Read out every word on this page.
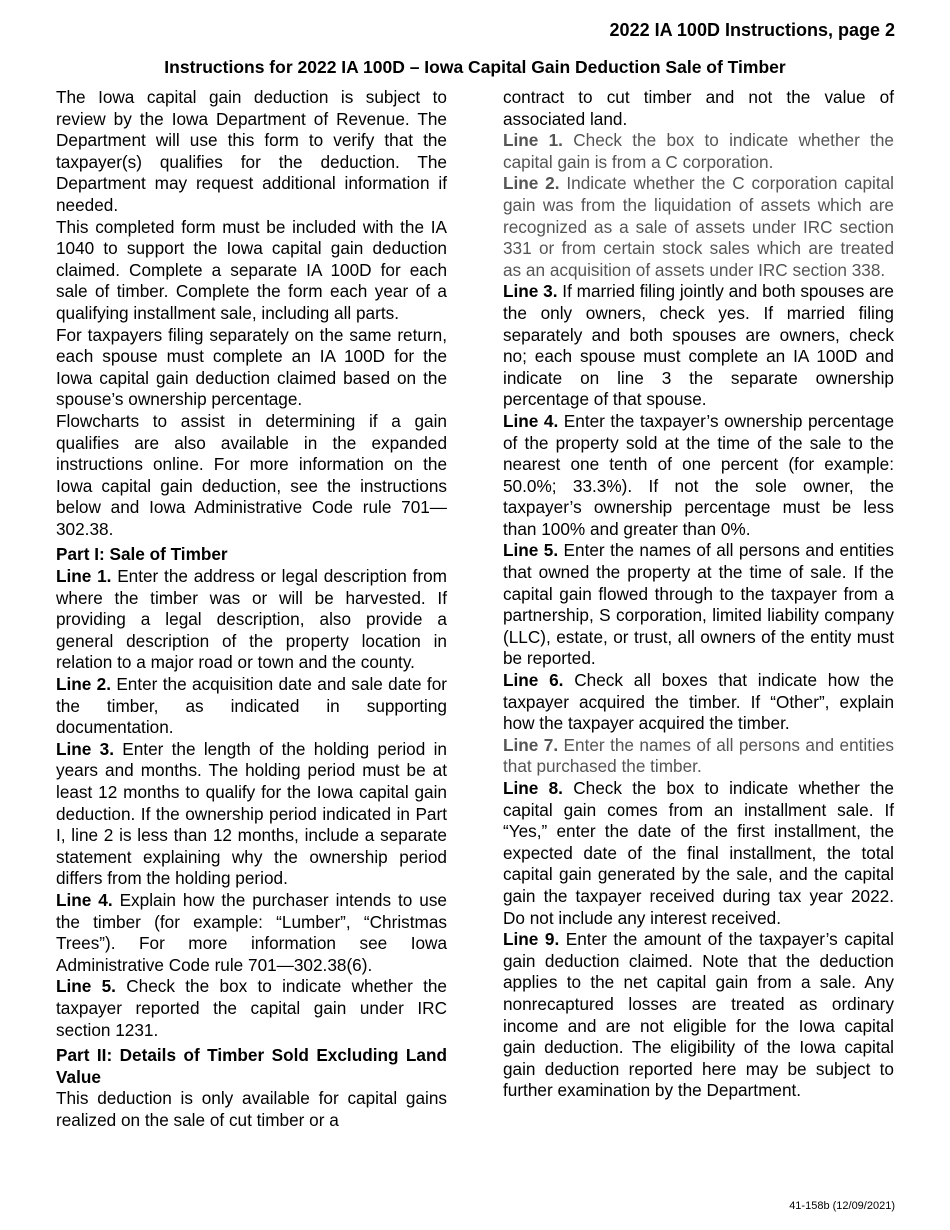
2022 IA 100D Instructions, page 2
Instructions for 2022 IA 100D – Iowa Capital Gain Deduction Sale of Timber

The Iowa capital gain deduction is subject to review by the Iowa Department of Revenue. The Department will use this form to verify that the taxpayer(s) qualifies for the deduction. The Department may request additional information if needed.

This completed form must be included with the IA 1040 to support the Iowa capital gain deduction claimed. Complete a separate IA 100D for each sale of timber. Complete the form each year of a qualifying installment sale, including all parts.

For taxpayers filing separately on the same return, each spouse must complete an IA 100D for the Iowa capital gain deduction claimed based on the spouse’s ownership percentage.

Flowcharts to assist in determining if a gain qualifies are also available in the expanded instructions online. For more information on the Iowa capital gain deduction, see the instructions below and Iowa Administrative Code rule 701—302.38.

Part I: Sale of Timber

Line 1. Enter the address or legal description from where the timber was or will be harvested. If providing a legal description, also provide a general description of the property location in relation to a major road or town and the county.

Line 2. Enter the acquisition date and sale date for the timber, as indicated in supporting documentation.

Line 3. Enter the length of the holding period in years and months. The holding period must be at least 12 months to qualify for the Iowa capital gain deduction. If the ownership period indicated in Part I, line 2 is less than 12 months, include a separate statement explaining why the ownership period differs from the holding period.

Line 4. Explain how the purchaser intends to use the timber (for example: “Lumber”, “Christmas Trees”). For more information see Iowa Administrative Code rule 701—302.38(6).

Line 5. Check the box to indicate whether the taxpayer reported the capital gain under IRC section 1231.

Part II: Details of Timber Sold Excluding Land Value

This deduction is only available for capital gains realized on the sale of cut timber or a

contract to cut timber and not the value of associated land.

Line 1. Check the box to indicate whether the capital gain is from a C corporation.

Line 2. Indicate whether the C corporation capital gain was from the liquidation of assets which are recognized as a sale of assets under IRC section 331 or from certain stock sales which are treated as an acquisition of assets under IRC section 338.

Line 3. If married filing jointly and both spouses are the only owners, check yes. If married filing separately and both spouses are owners, check no; each spouse must complete an IA 100D and indicate on line 3 the separate ownership percentage of that spouse.

Line 4. Enter the taxpayer’s ownership percentage of the property sold at the time of the sale to the nearest one tenth of one percent (for example: 50.0%; 33.3%). If not the sole owner, the taxpayer’s ownership percentage must be less than 100% and greater than 0%.

Line 5. Enter the names of all persons and entities that owned the property at the time of sale. If the capital gain flowed through to the taxpayer from a partnership, S corporation, limited liability company (LLC), estate, or trust, all owners of the entity must be reported.

Line 6. Check all boxes that indicate how the taxpayer acquired the timber. If “Other”, explain how the taxpayer acquired the timber.

Line 7. Enter the names of all persons and entities that purchased the timber.

Line 8. Check the box to indicate whether the capital gain comes from an installment sale. If “Yes,” enter the date of the first installment, the expected date of the final installment, the total capital gain generated by the sale, and the capital gain the taxpayer received during tax year 2022. Do not include any interest received.

Line 9. Enter the amount of the taxpayer’s capital gain deduction claimed. Note that the deduction applies to the net capital gain from a sale. Any nonrecaptured losses are treated as ordinary income and are not eligible for the Iowa capital gain deduction. The eligibility of the Iowa capital gain deduction reported here may be subject to further examination by the Department.

41-158b (12/09/2021)
